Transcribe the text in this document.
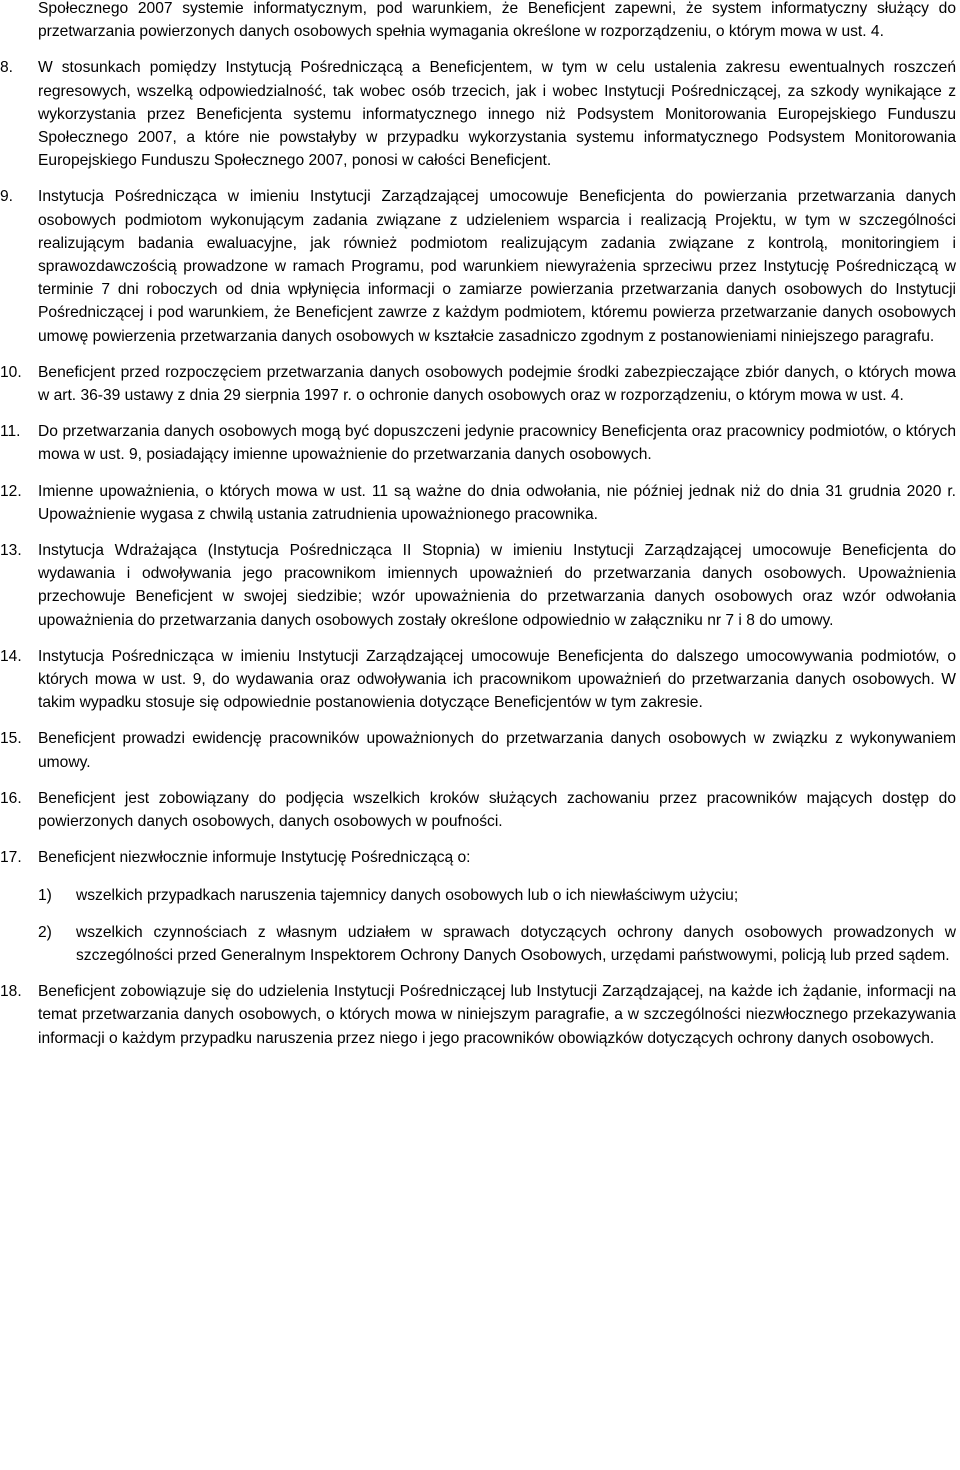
Społecznego 2007 systemie informatycznym, pod warunkiem, że Beneficjent zapewni, że system informatyczny służący do przetwarzania powierzonych danych osobowych spełnia wymagania określone w rozporządzeniu, o którym mowa w ust. 4.

8.	W stosunkach pomiędzy Instytucją Pośredniczącą a Beneficjentem, w tym w celu ustalenia zakresu ewentualnych roszczeń regresowych, wszelką odpowiedzialność, tak wobec osób trzecich, jak i wobec Instytucji Pośredniczącej, za szkody wynikające z wykorzystania przez Beneficjenta systemu informatycznego innego niż Podsystem Monitorowania Europejskiego Funduszu Społecznego 2007, a które nie powstałyby w przypadku wykorzystania systemu informatycznego Podsystem Monitorowania Europejskiego Funduszu Społecznego 2007, ponosi w całości Beneficjent.
9.	Instytucja Pośrednicząca w imieniu Instytucji Zarządzającej umocowuje Beneficjenta do powierzania przetwarzania danych osobowych podmiotom wykonującym zadania związane z udzieleniem wsparcia i realizacją Projektu, w tym w szczególności realizującym badania ewaluacyjne, jak również podmiotom realizującym zadania związane z kontrolą, monitoringiem i sprawozdawczością prowadzone w ramach Programu, pod warunkiem niewyrażenia sprzeciwu przez Instytucję Pośredniczącą w terminie 7 dni roboczych od dnia wpłynięcia informacji o zamiarze powierzania przetwarzania danych osobowych do Instytucji Pośredniczącej i pod warunkiem, że Beneficjent zawrze z każdym podmiotem, któremu powierza przetwarzanie danych osobowych umowę powierzenia przetwarzania danych osobowych w kształcie zasadniczo zgodnym z postanowieniami niniejszego paragrafu.
10.	Beneficjent przed rozpoczęciem przetwarzania danych osobowych podejmie środki zabezpieczające zbiór danych, o których mowa w art. 36-39 ustawy z dnia 29 sierpnia 1997 r. o ochronie danych osobowych oraz w rozporządzeniu, o którym mowa w ust. 4.
11.	Do przetwarzania danych osobowych mogą być dopuszczeni jedynie pracownicy Beneficjenta oraz pracownicy podmiotów, o których mowa w ust. 9, posiadający imienne upoważnienie do przetwarzania danych osobowych.
12.	Imienne upoważnienia, o których mowa w ust. 11 są ważne do dnia odwołania, nie później jednak niż do dnia 31 grudnia 2020 r. Upoważnienie wygasa z chwilą ustania zatrudnienia upoważnionego pracownika.
13.	Instytucja Wdrażająca (Instytucja Pośrednicząca II Stopnia) w imieniu Instytucji Zarządzającej umocowuje Beneficjenta do wydawania i odwoływania jego pracownikom imiennych upoważnień do przetwarzania danych osobowych. Upoważnienia przechowuje Beneficjent w swojej siedzibie; wzór upoważnienia do przetwarzania danych osobowych oraz wzór odwołania upoważnienia do przetwarzania danych osobowych zostały określone odpowiednio w załączniku nr 7 i 8 do umowy.
14.	Instytucja Pośrednicząca w imieniu Instytucji Zarządzającej umocowuje Beneficjenta do dalszego umocowywania podmiotów, o których mowa w ust. 9, do wydawania oraz odwoływania ich pracownikom upoważnień do przetwarzania danych osobowych. W takim wypadku stosuje się odpowiednie postanowienia dotyczące Beneficjentów w tym zakresie.
15.	Beneficjent prowadzi ewidencję pracowników upoważnionych do przetwarzania danych osobowych w związku z wykonywaniem umowy.
16.	Beneficjent jest zobowiązany do podjęcia wszelkich kroków służących zachowaniu przez pracowników mających dostęp do powierzonych danych osobowych, danych osobowych w poufności.
17.	Beneficjent niezwłocznie informuje Instytucję Pośredniczącą o:
1) wszelkich przypadkach naruszenia tajemnicy danych osobowych lub o ich niewłaściwym użyciu;
2) wszelkich czynnościach z własnym udziałem w sprawach dotyczących ochrony danych osobowych prowadzonych w szczególności przed Generalnym Inspektorem Ochrony Danych Osobowych, urzędami państwowymi, policją lub przed sądem.
18.	Beneficjent zobowiązuje się do udzielenia Instytucji Pośredniczącej lub Instytucji Zarządzającej, na każde ich żądanie, informacji na temat przetwarzania danych osobowych, o których mowa w niniejszym paragrafie, a w szczególności niezwłocznego przekazywania informacji o każdym przypadku naruszenia przez niego i jego pracowników obowiązków dotyczących ochrony danych osobowych.
